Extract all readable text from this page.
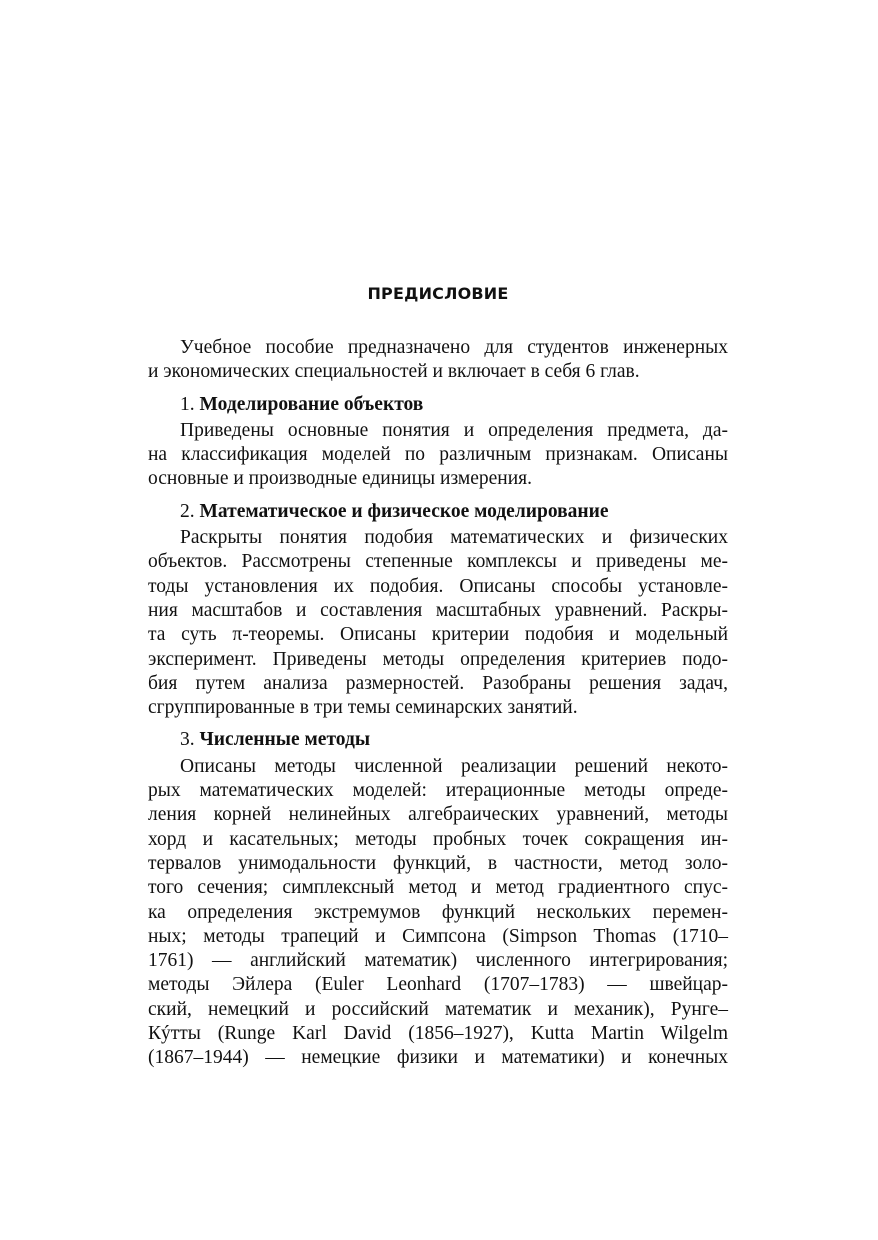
ПРЕДИСЛОВИЕ
Учебное пособие предназначено для студентов инженерных
и экономических специальностей и включает в себя 6 глав.
1. Моделирование объектов
Приведены основные понятия и определения предмета, да-
на классификация моделей по различным признакам. Описаны
основные и производные единицы измерения.
2. Математическое и физическое моделирование
Раскрыты понятия подобия математических и физических
объектов. Рассмотрены степенные комплексы и приведены ме-
тоды установления их подобия. Описаны способы установле-
ния масштабов и составления масштабных уравнений. Раскры-
та суть π-теоремы. Описаны критерии подобия и модельный
эксперимент. Приведены методы определения критериев подо-
бия путем анализа размерностей. Разобраны решения задач,
сгруппированные в три темы семинарских занятий.
3. Численные методы
Описаны методы численной реализации решений некото-
рых математических моделей: итерационные методы опреде-
ления корней нелинейных алгебраических уравнений, методы
хорд и касательных; методы пробных точек сокращения ин-
тервалов унимодальности функций, в частности, метод золо-
того сечения; симплексный метод и метод градиентного спус-
ка определения экстремумов функций нескольких перемен-
ных; методы трапеций и Симпсона (Simpson Thomas (1710–
1761) — английский математик) численного интегрирования;
методы Эйлера (Euler Leonhard (1707–1783) — швейцар-
ский, немецкий и российский математик и механик), Рунге–
Кýтты (Runge Karl David (1856–1927), Kutta Martin Wilgelm
(1867–1944) — немецкие физики и математики) и конечных
